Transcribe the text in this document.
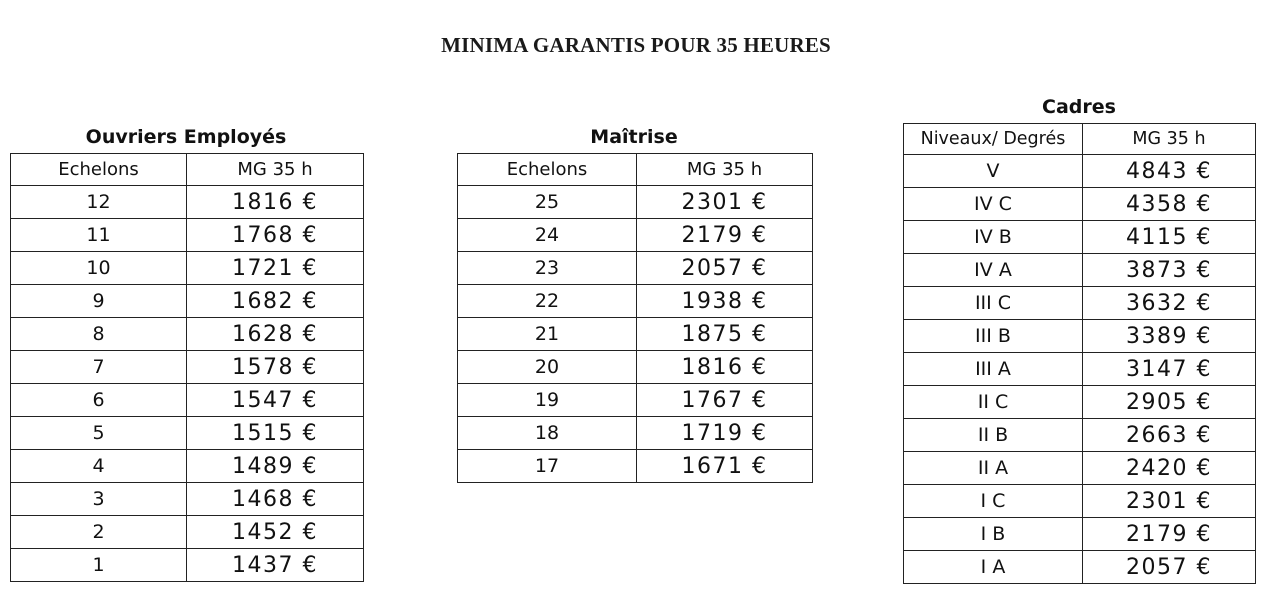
MINIMA GARANTIS POUR 35 HEURES
Ouvriers Employés
Echelons	MG 35 h
12	1816 €
11	1768 €
10	1721 €
9	1682 €
8	1628 €
7	1578 €
6	1547 €
5	1515 €
4	1489 €
3	1468 €
2	1452 €
1	1437 €
Maîtrise
Echelons	MG 35 h
25	2301 €
24	2179 €
23	2057 €
22	1938 €
21	1875 €
20	1816 €
19	1767 €
18	1719 €
17	1671 €
Cadres
Niveaux/ Degrés	MG 35 h
V	4843 €
IV C	4358 €
IV B	4115 €
IV A	3873 €
III C	3632 €
III B	3389 €
III A	3147 €
II C	2905 €
II B	2663 €
II A	2420 €
I C	2301 €
I B	2179 €
I A	2057 €
